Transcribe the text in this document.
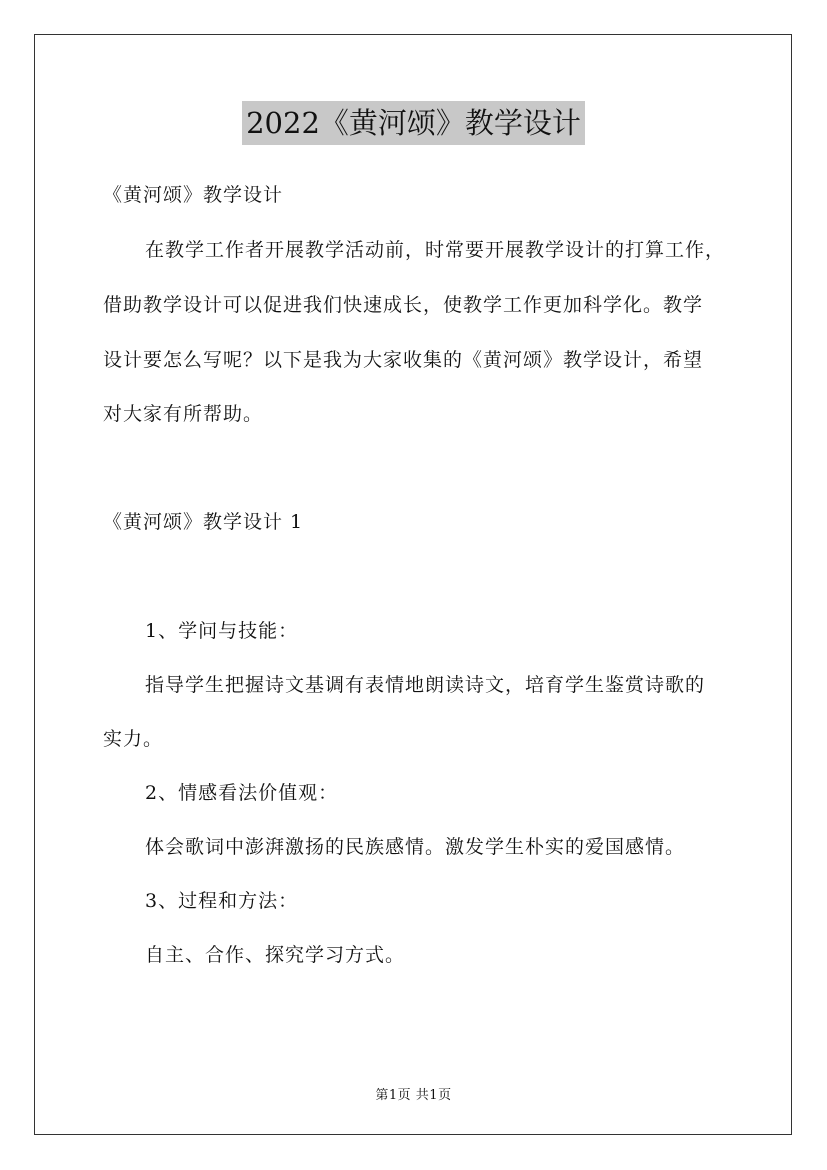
2022《黄河颂》教学设计
《黄河颂》教学设计
在教学工作者开展教学活动前，时常要开展教学设计的打算工作，
借助教学设计可以促进我们快速成长，使教学工作更加科学化。教学
设计要怎么写呢？以下是我为大家收集的《黄河颂》教学设计，希望
对大家有所帮助。
《黄河颂》教学设计 1
1、学问与技能：
指导学生把握诗文基调有表情地朗读诗文，培育学生鉴赏诗歌的
实力。
2、情感看法价值观：
体会歌词中澎湃激扬的民族感情。激发学生朴实的爱国感情。
3、过程和方法：
自主、合作、探究学习方式。
第1页 共1页
